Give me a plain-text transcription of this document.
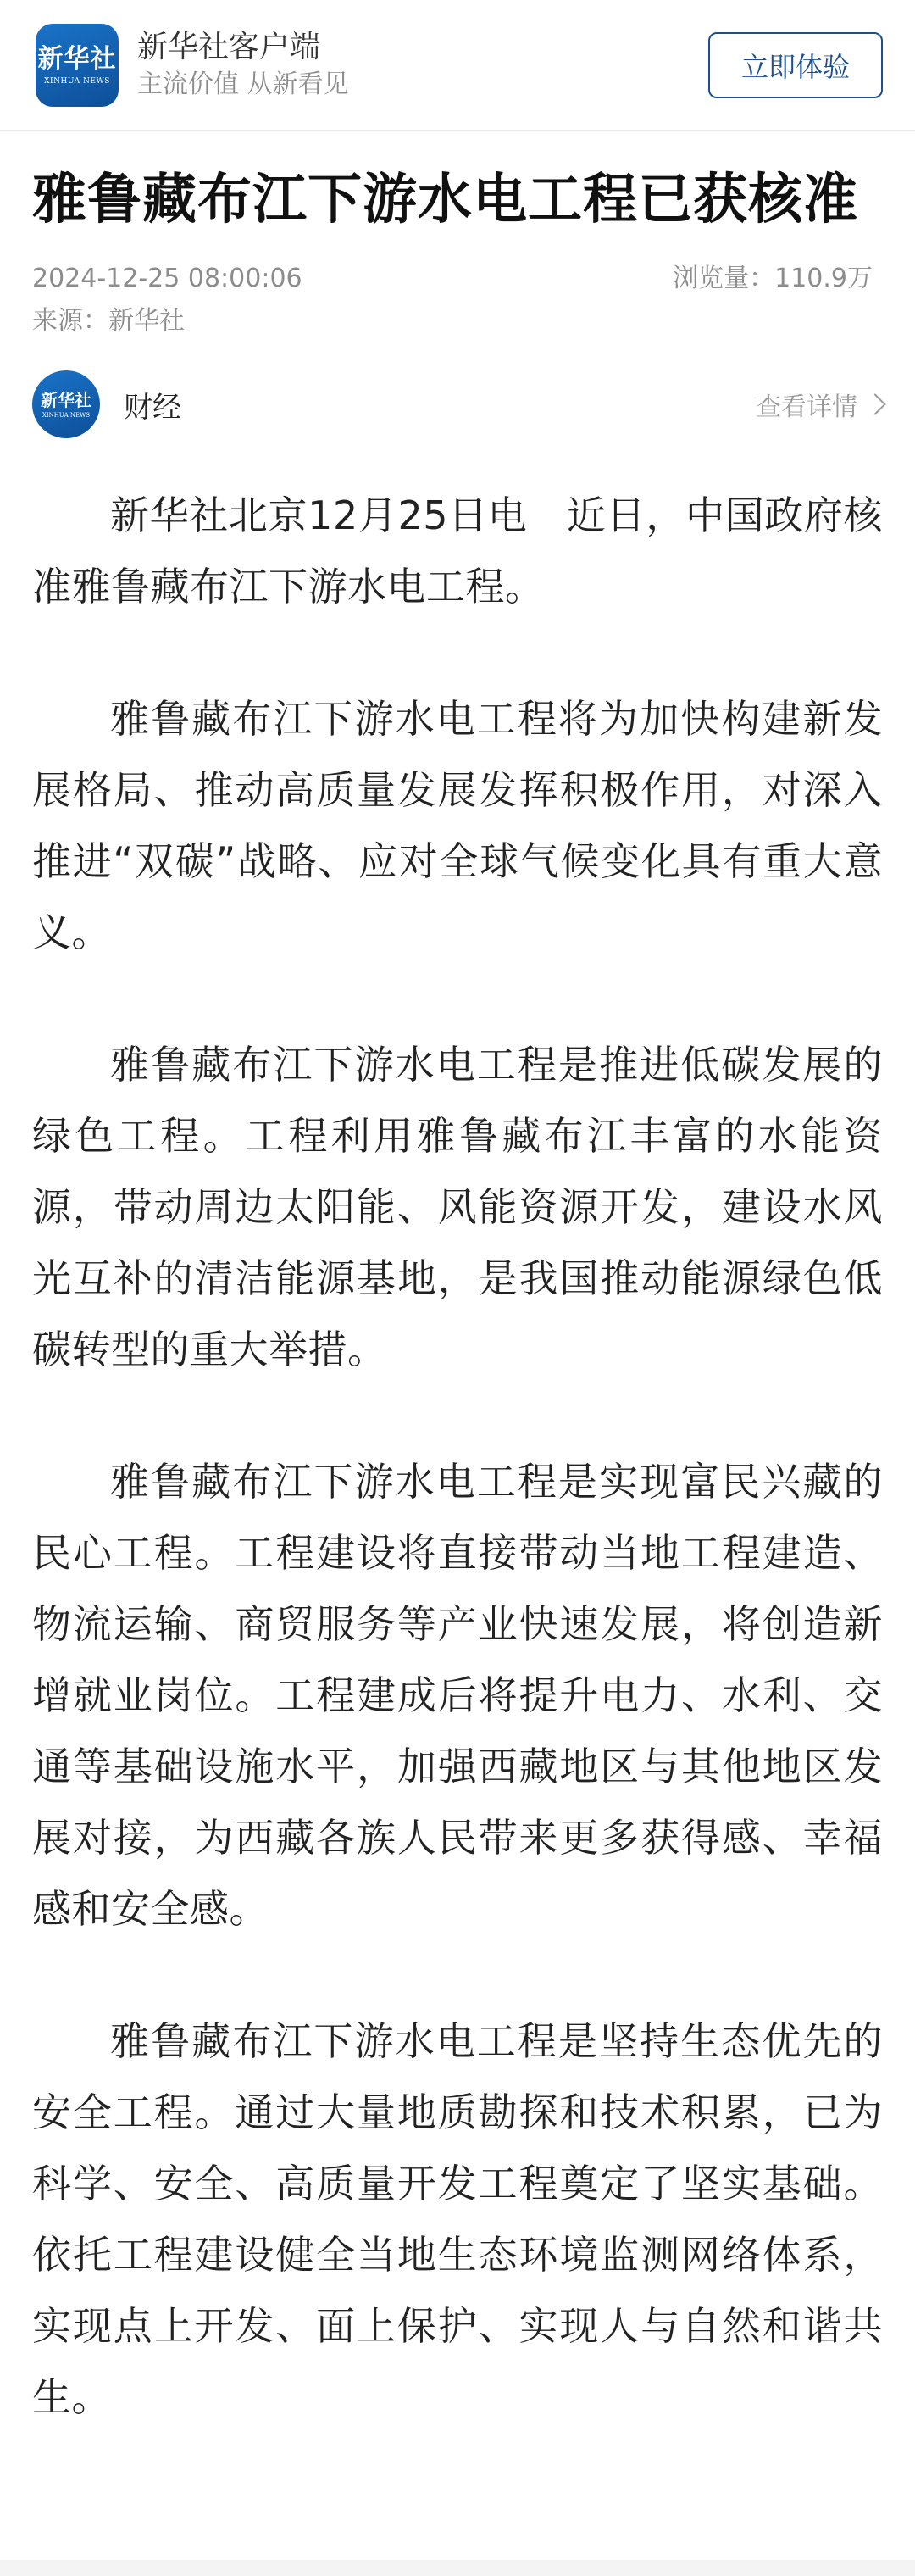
新华社
XINHUA NEWS
新华社客户端
主流价值 从新看见
立即体验
雅鲁藏布江下游水电工程已获核准
2024-12-25 08:00:06	浏览量：110.9万
来源：新华社
新华社
XINHUA NEWS 财经	查看详情

新华社北京12月25日电　近日，中国政府核准雅鲁藏布江下游水电工程。

雅鲁藏布江下游水电工程将为加快构建新发展格局、推动高质量发展发挥积极作用，对深入推进“双碳”战略、应对全球气候变化具有重大意义。

雅鲁藏布江下游水电工程是推进低碳发展的绿色工程。工程利用雅鲁藏布江丰富的水能资源，带动周边太阳能、风能资源开发，建设水风光互补的清洁能源基地，是我国推动能源绿色低碳转型的重大举措。

雅鲁藏布江下游水电工程是实现富民兴藏的民心工程。工程建设将直接带动当地工程建造、物流运输、商贸服务等产业快速发展，将创造新增就业岗位。工程建成后将提升电力、水利、交通等基础设施水平，加强西藏地区与其他地区发展对接，为西藏各族人民带来更多获得感、幸福感和安全感。

雅鲁藏布江下游水电工程是坚持生态优先的安全工程。通过大量地质勘探和技术积累，已为科学、安全、高质量开发工程奠定了坚实基础。依托工程建设健全当地生态环境监测网络体系，实现点上开发、面上保护、实现人与自然和谐共生。
